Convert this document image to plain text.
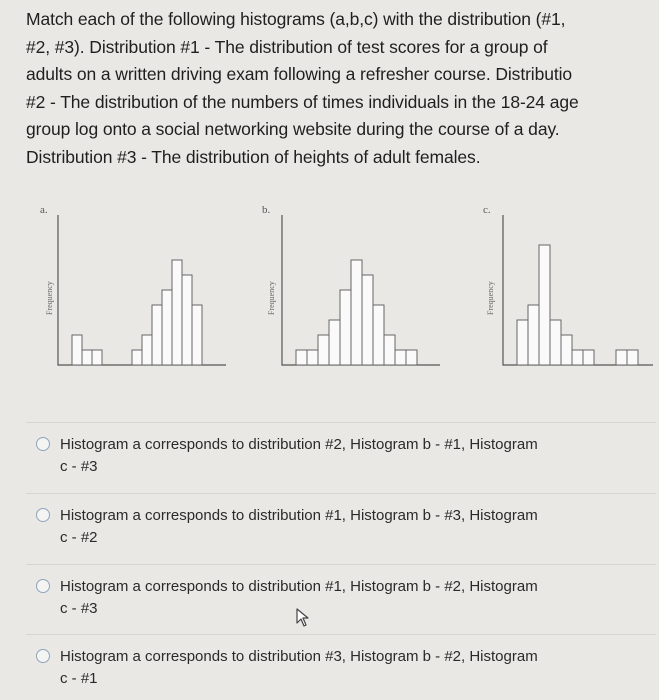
Match each of the following histograms (a,b,c) with the distribution (#1,
#2, #3). Distribution #1 - The distribution of test scores for a group of
adults on a written driving exam following a refresher course. Distributio
#2 - The distribution of the numbers of times individuals in the 18-24 age
group log onto a social networking website during the course of a day.
Distribution #3 - The distribution of heights of adult females.

a.
Frequency
b.
Frequency
c.
Frequency
Histogram a corresponds to distribution #2, Histogram b - #1, Histogram
c - #3
Histogram a corresponds to distribution #1, Histogram b - #3, Histogram
c - #2
Histogram a corresponds to distribution #1, Histogram b - #2, Histogram
c - #3
Histogram a corresponds to distribution #3, Histogram b - #2, Histogram
c - #1
